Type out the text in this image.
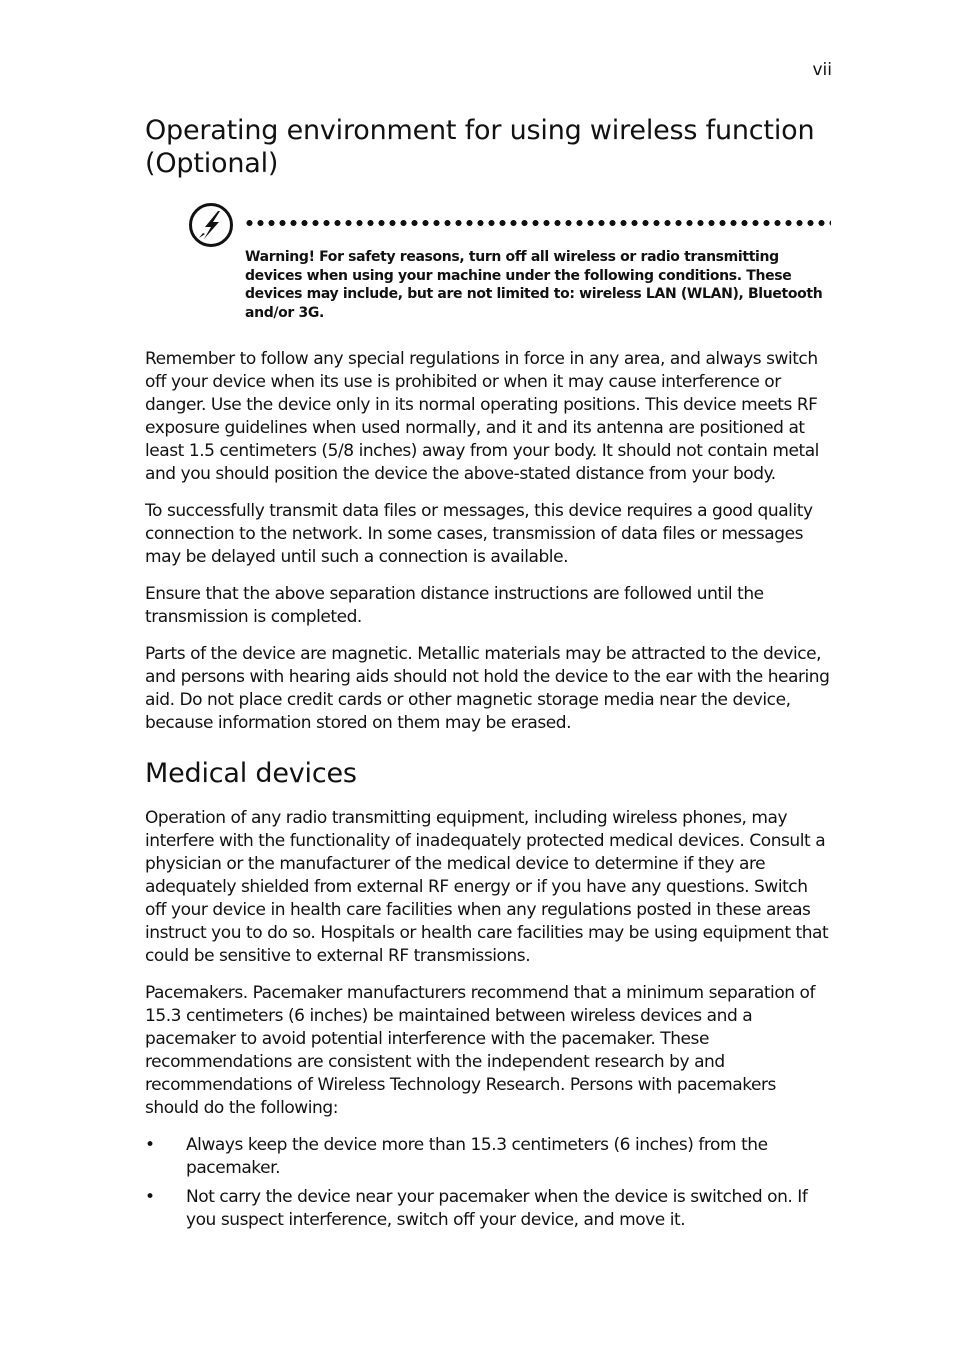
vii
Operating environment for using wireless function (Optional)
Warning! For safety reasons, turn off all wireless or radio transmitting devices when using your machine under the following conditions. These devices may include, but are not limited to: wireless LAN (WLAN), Bluetooth and/or 3G.

Remember to follow any special regulations in force in any area, and always switch off your device when its use is prohibited or when it may cause interference or danger. Use the device only in its normal operating positions. This device meets RF exposure guidelines when used normally, and it and its antenna are positioned at least 1.5 centimeters (5/8 inches) away from your body. It should not contain metal and you should position the device the above-stated distance from your body.

To successfully transmit data files or messages, this device requires a good quality connection to the network. In some cases, transmission of data files or messages may be delayed until such a connection is available.

Ensure that the above separation distance instructions are followed until the transmission is completed.

Parts of the device are magnetic. Metallic materials may be attracted to the device, and persons with hearing aids should not hold the device to the ear with the hearing aid. Do not place credit cards or other magnetic storage media near the device, because information stored on them may be erased.

Medical devices

Operation of any radio transmitting equipment, including wireless phones, may interfere with the functionality of inadequately protected medical devices. Consult a physician or the manufacturer of the medical device to determine if they are adequately shielded from external RF energy or if you have any questions. Switch off your device in health care facilities when any regulations posted in these areas instruct you to do so. Hospitals or health care facilities may be using equipment that could be sensitive to external RF transmissions.

Pacemakers. Pacemaker manufacturers recommend that a minimum separation of 15.3 centimeters (6 inches) be maintained between wireless devices and a pacemaker to avoid potential interference with the pacemaker. These recommendations are consistent with the independent research by and recommendations of Wireless Technology Research. Persons with pacemakers should do the following:

• Always keep the device more than 15.3 centimeters (6 inches) from the pacemaker.
• Not carry the device near your pacemaker when the device is switched on. If you suspect interference, switch off your device, and move it.
